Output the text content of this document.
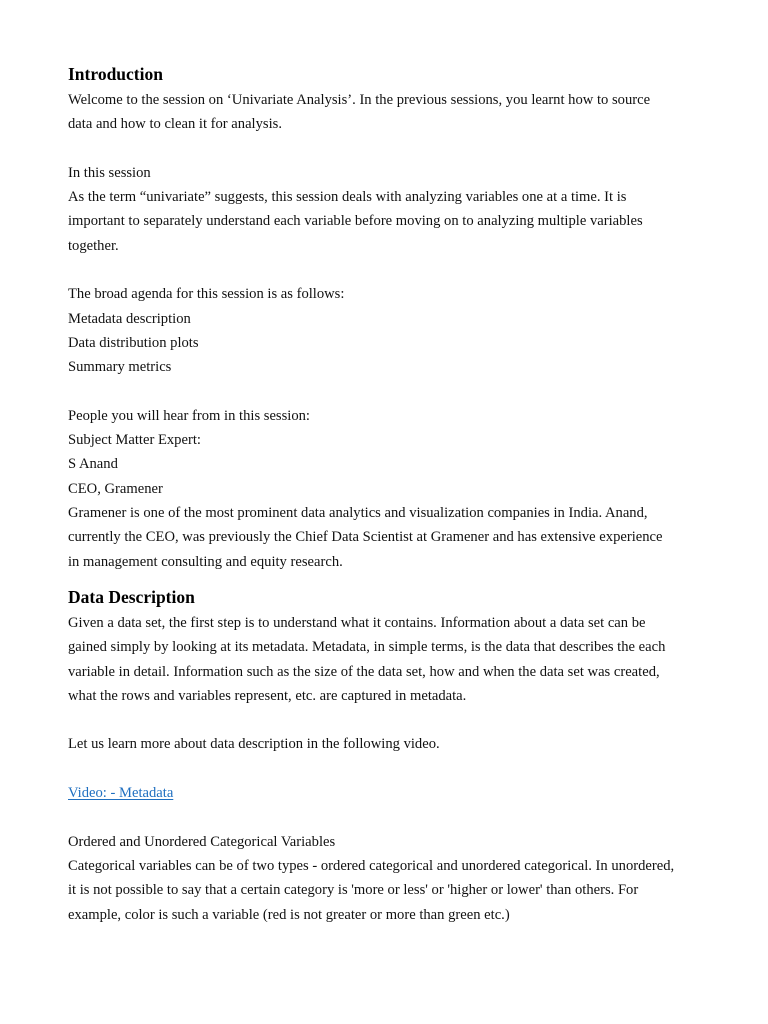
Introduction

Welcome to the session on ‘Univariate Analysis’. In the previous sessions, you learnt how to source

data and how to clean it for analysis.

In this session

As the term “univariate” suggests, this session deals with analyzing variables one at a time. It is

important to separately understand each variable before moving on to analyzing multiple variables

together.

The broad agenda for this session is as follows:

Metadata description

Data distribution plots

Summary metrics

People you will hear from in this session:

Subject Matter Expert:

S Anand

CEO, Gramener

Gramener is one of the most prominent data analytics and visualization companies in India. Anand,

currently the CEO, was previously the Chief Data Scientist at Gramener and has extensive experience

in management consulting and equity research.

Data Description

Given a data set, the first step is to understand what it contains. Information about a data set can be

gained simply by looking at its metadata. Metadata, in simple terms, is the data that describes the each

variable in detail. Information such as the size of the data set, how and when the data set was created,

what the rows and variables represent, etc. are captured in metadata.

Let us learn more about data description in the following video.

Video: - Metadata

Ordered and Unordered Categorical Variables

Categorical variables can be of two types - ordered categorical and unordered categorical. In unordered,

it is not possible to say that a certain category is 'more or less' or 'higher or lower' than others. For

example, color is such a variable (red is not greater or more than green etc.)
